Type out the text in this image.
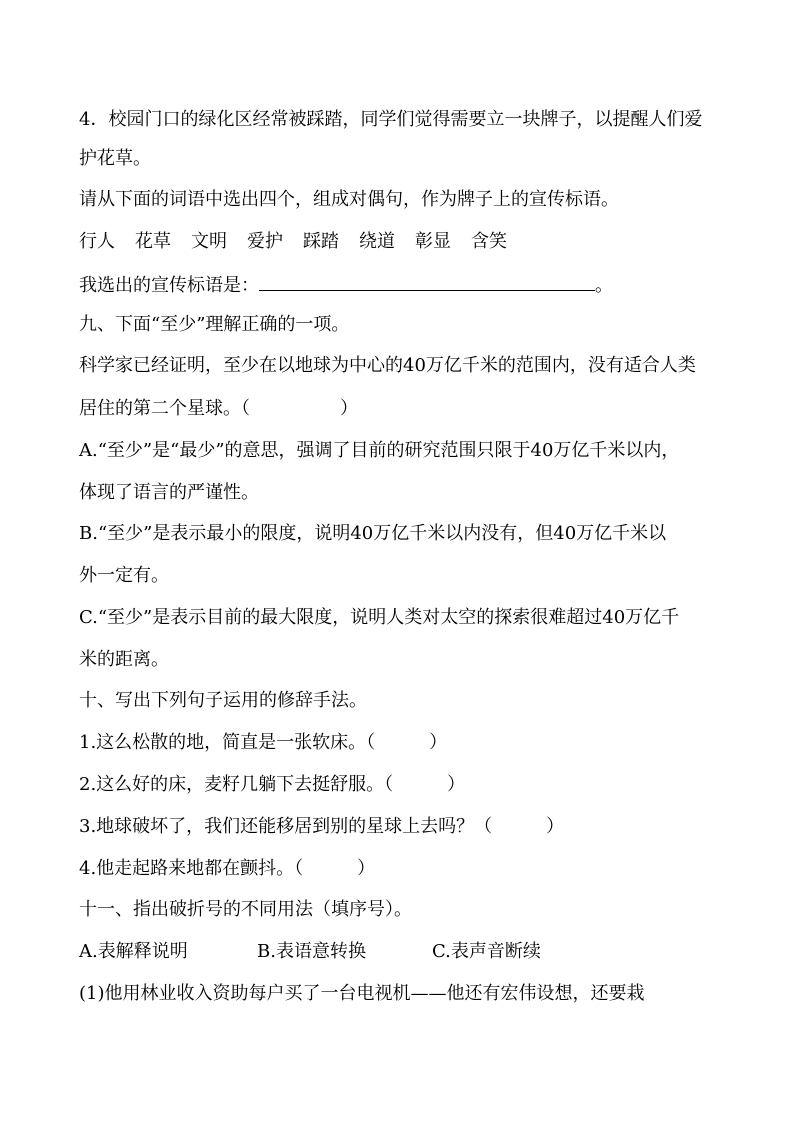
4．校园门口的绿化区经常被踩踏，同学们觉得需要立一块牌子，以提醒人们爱
护花草。
请从下面的词语中选出四个，组成对偶句，作为牌子上的宣传标语。
行人 花草 文明 爱护 踩踏 绕道 彰显 含笑
我选出的宣传标语是：	。
九、下面“至少”理解正确的一项。
科学家已经证明，至少在以地球为中心的40万亿千米的范围内，没有适合人类
居住的第二个星球。（　　　　　）
A.“至少”是“最少”的意思，强调了目前的研究范围只限于40万亿千米以内，
体现了语言的严谨性。
B.“至少”是表示最小的限度，说明40万亿千米以内没有，但40万亿千米以
外一定有。
C.“至少”是表示目前的最大限度，说明人类对太空的探索很难超过40万亿千
米的距离。
十、写出下列句子运用的修辞手法。
1.这么松散的地，简直是一张软床。（　　　）
2.这么好的床，麦籽几躺下去挺舒服。（　　　）
3.地球破坏了，我们还能移居到别的星球上去吗？（　　　）
4.他走起路来地都在颤抖。（　　　）
十一、指出破折号的不同用法（填序号）。
A.表解释说明	B.表语意转换	C.表声音断续
(1)他用林业收入资助每户买了一台电视机——他还有宏伟设想，还要栽
